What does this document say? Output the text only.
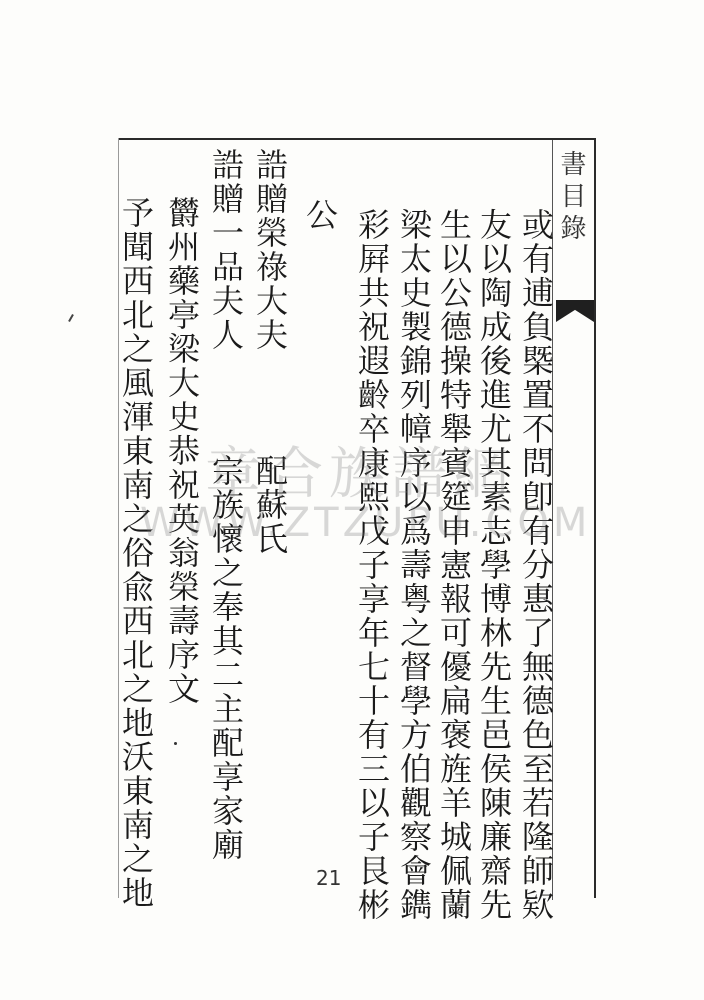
書目錄
或有逋負槩置不問卽有分惠了無德色至若隆師欵
友以陶成後進尤其素志學博林先生邑侯陳廉齋先
生以公德操特舉賓筵申憲報可優扁褒旌羊城佩蘭
梁太史製錦列幛序以爲壽粤之督學方伯觀察會鐫
彩屛共祝遐齡卒康熙戊子享年七十有三以子艮彬
公
誥贈榮祿大夫　　　配蘇氏
誥贈一品夫人　　　宗族懷之奉其二主配享家廟
欝州藥亭梁大史恭祝英翁榮壽序文
予聞西北之風渾東南之俗兪西北之地沃東南之地 章合族譜網
WWW.ZTZUPU.COM
21
